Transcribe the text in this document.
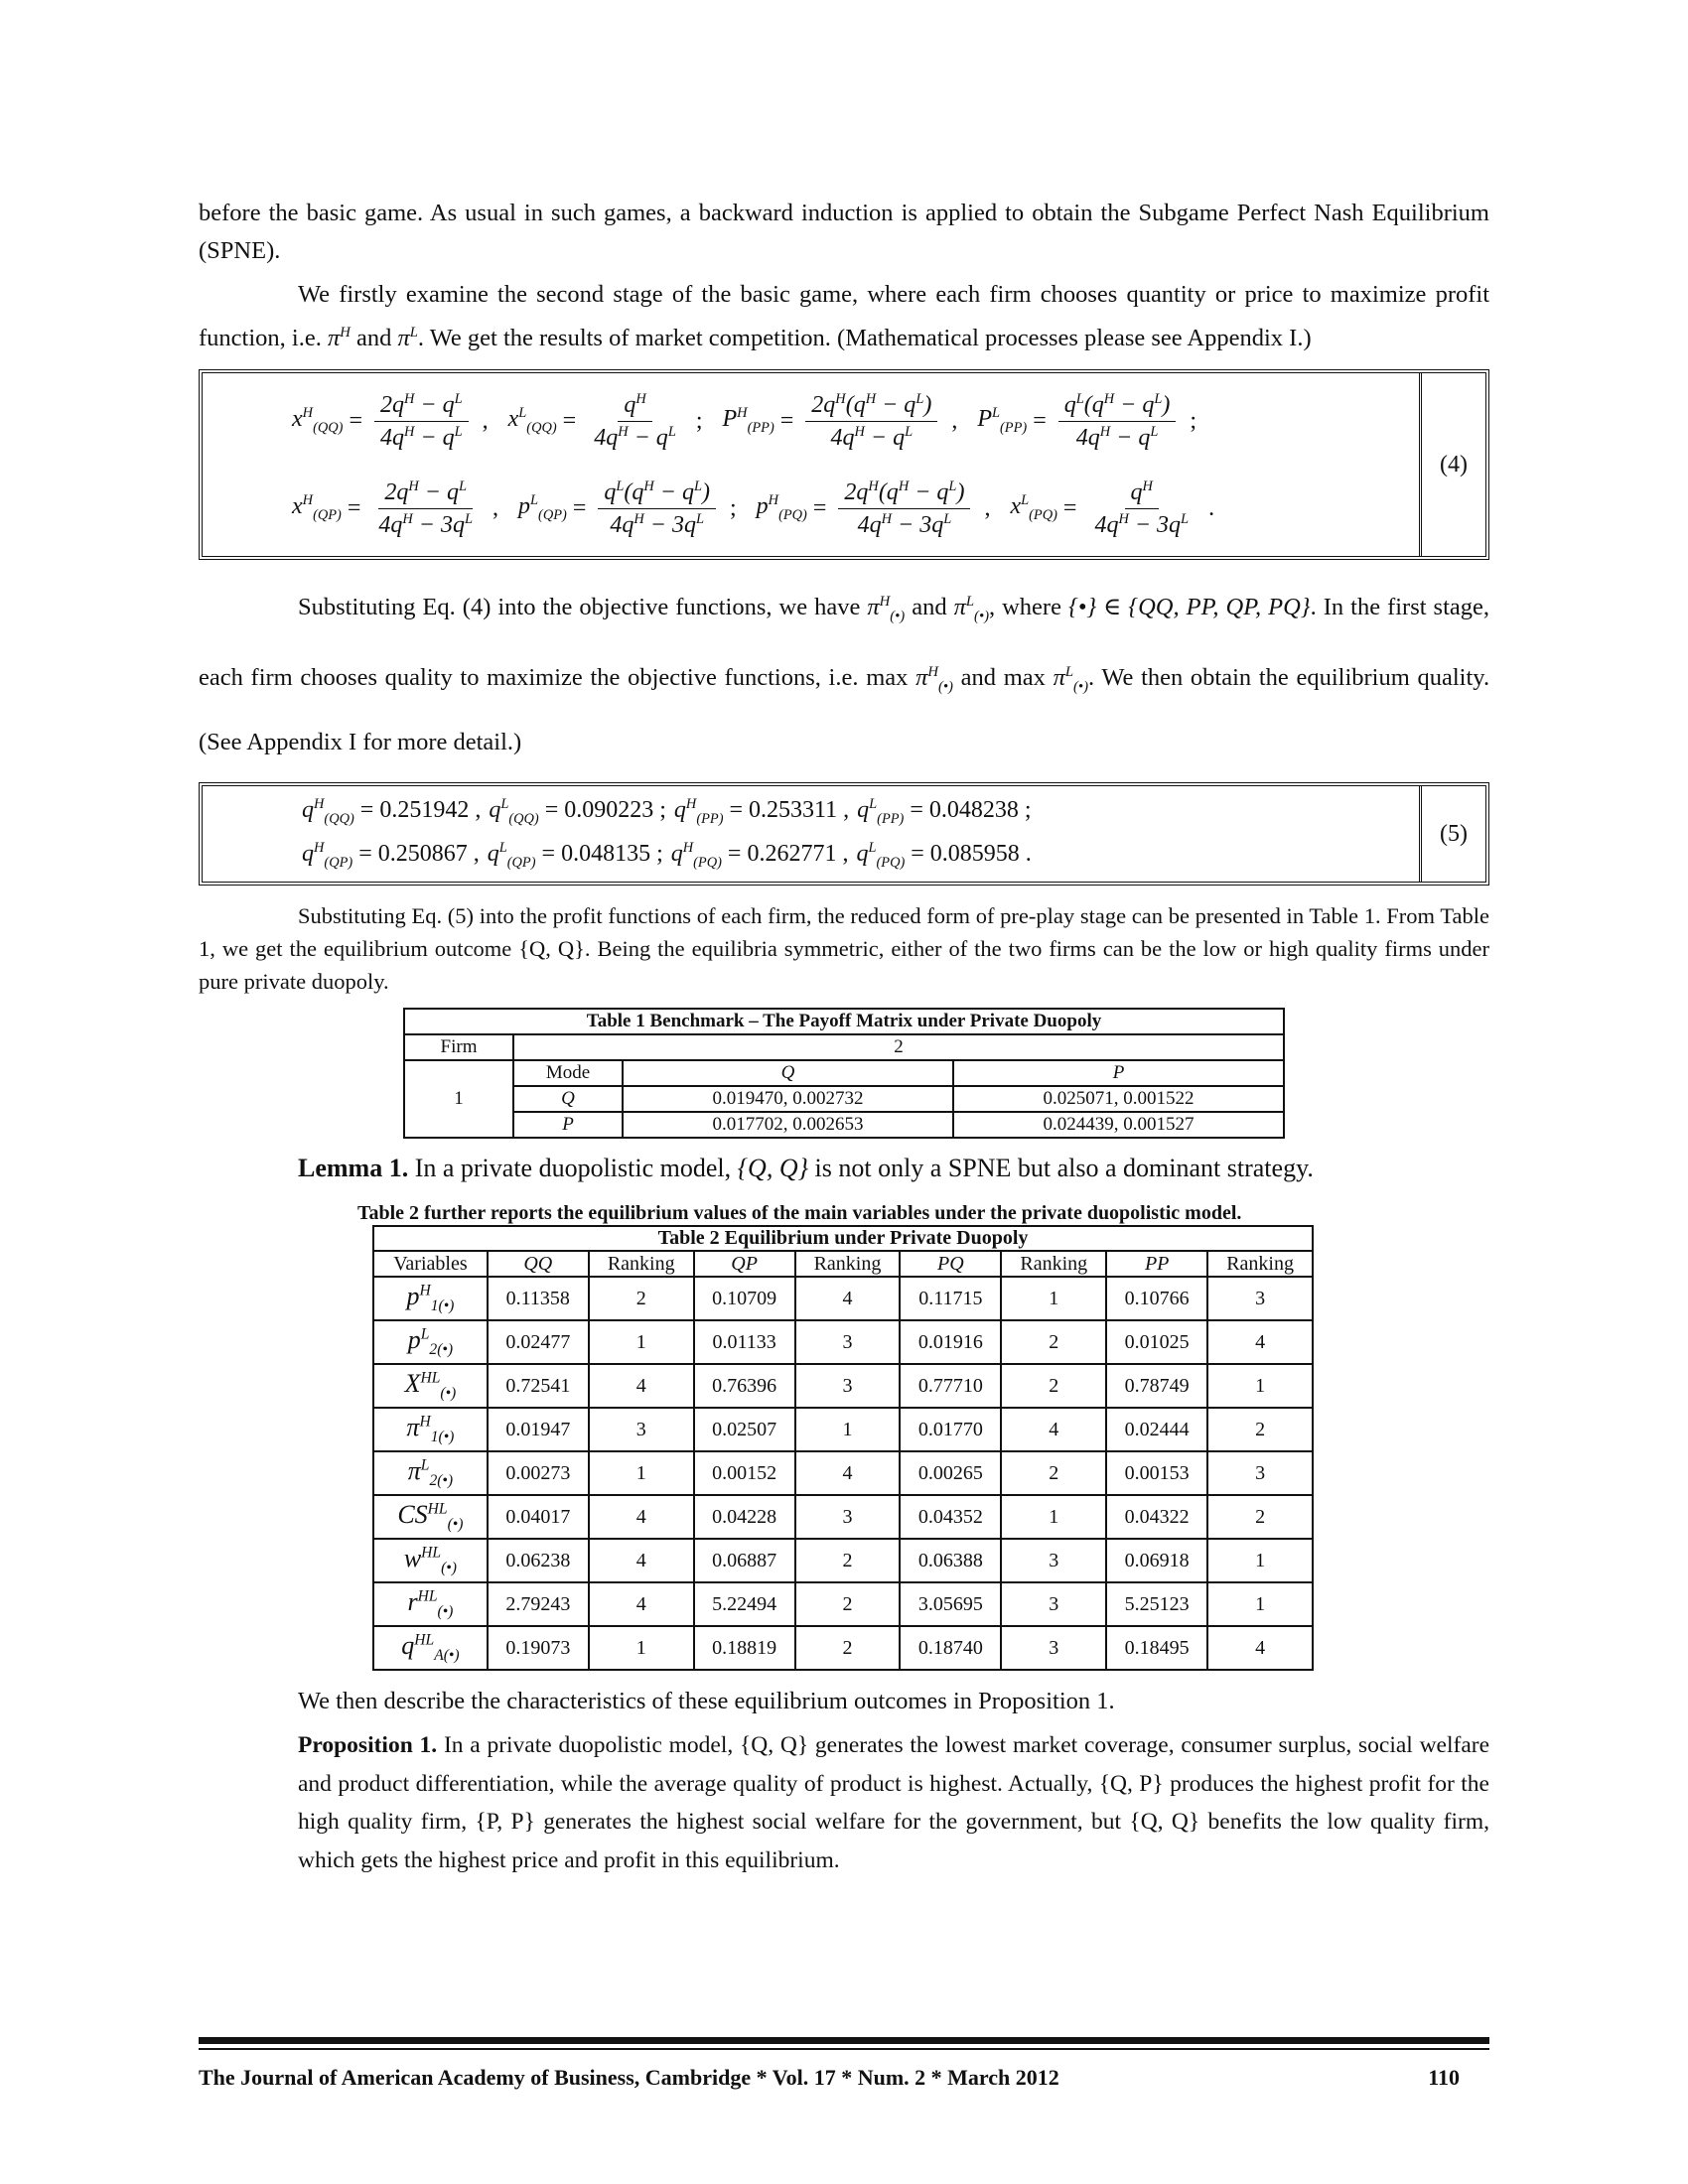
before the basic game. As usual in such games, a backward induction is applied to obtain the Subgame Perfect Nash Equilibrium (SPNE).

We firstly examine the second stage of the basic game, where each firm chooses quantity or price to maximize profit function, i.e. $\pi^H$ and $\pi^L$. We get the results of market competition. (Mathematical processes please see Appendix I.)

$x^H_{(QQ)} = \frac{2q^H - q^L}{4q^H - q^L}$ , $x^L_{(QQ)} = \frac{q^H}{4q^H - q^L}$ ; $P^H_{(PP)} = \frac{2q^H(q^H - q^L)}{4q^H - q^L}$ , $P^L_{(PP)} = \frac{q^L(q^H - q^L)}{4q^H - q^L}$ ;
$x^H_{(QP)} = \frac{2q^H - q^L}{4q^H - 3q^L}$ , $p^L_{(QP)} = \frac{q^L(q^H - q^L)}{4q^H - 3q^L}$ ; $p^H_{(PQ)} = \frac{2q^H(q^H - q^L)}{4q^H - 3q^L}$ , $x^L_{(PQ)} = \frac{q^H}{4q^H - 3q^L}$ .
(4)

Substituting Eq. (4) into the objective functions, we have $\pi^H_{(•)}$ and $\pi^L_{(•)}$, where {•} ∈ {QQ, PP, QP, PQ}. In the first stage, each firm chooses quality to maximize the objective functions, i.e. $\max \pi^H_{(•)}$ and $\max \pi^L_{(•)}$. We then obtain the equilibrium quality. (See Appendix I for more detail.)

$q^H_{(QQ)} = 0.251942$ , $q^L_{(QQ)} = 0.090223$ ; $q^H_{(PP)} = 0.253311$ , $q^L_{(PP)} = 0.048238$ ;
$q^H_{(QP)} = 0.250867$ , $q^L_{(QP)} = 0.048135$ ; $q^H_{(PQ)} = 0.262771$ , $q^L_{(PQ)} = 0.085958$ .
(5)

Substituting Eq. (5) into the profit functions of each firm, the reduced form of pre-play stage can be presented in Table 1. From Table 1, we get the equilibrium outcome {Q, Q}. Being the equilibria symmetric, either of the two firms can be the low or high quality firms under pure private duopoly.

Table 1 Benchmark – The Payoff Matrix under Private Duopoly			
Firm	2		
1	Mode	Q	P
	Q	0.019470, 0.002732	0.025071, 0.001522
	P	0.017702, 0.002653	0.024439, 0.001527
Lemma 1. In a private duopolistic model, {Q, Q} is not only a SPNE but also a dominant strategy.
Table 2 further reports the equilibrium values of the main variables under the private duopolistic model.
Table 2 Equilibrium under Private Duopoly								
Variables	QQ	Ranking	QP	Ranking	PQ	Ranking	PP	Ranking
$p^H_{1(•)}$	0.11358	2	0.10709	4	0.11715	1	0.10766	3
$p^L_{2(•)}$	0.02477	1	0.01133	3	0.01916	2	0.01025	4
$X^{HL}_{(•)}$	0.72541	4	0.76396	3	0.77710	2	0.78749	1
$\pi^H_{1(•)}$	0.01947	3	0.02507	1	0.01770	4	0.02444	2
$\pi^L_{2(•)}$	0.00273	1	0.00152	4	0.00265	2	0.00153	3
$CS^{HL}_{(•)}$	0.04017	4	0.04228	3	0.04352	1	0.04322	2
$w^{HL}_{(•)}$	0.06238	4	0.06887	2	0.06388	3	0.06918	1
$r^{HL}_{(•)}$	2.79243	4	5.22494	2	3.05695	3	5.25123	1
$q^{HL}_{A(•)}$	0.19073	1	0.18819	2	0.18740	3	0.18495	4

We then describe the characteristics of these equilibrium outcomes in Proposition 1.

Proposition 1. In a private duopolistic model, {Q, Q} generates the lowest market coverage, consumer surplus, social welfare and product differentiation, while the average quality of product is highest. Actually, {Q, P} produces the highest profit for the high quality firm, {P, P} generates the highest social welfare for the government, but {Q, Q} benefits the low quality firm, which gets the highest price and profit in this equilibrium.
The Journal of American Academy of Business, Cambridge * Vol. 17 * Num. 2 * March 2012	110
